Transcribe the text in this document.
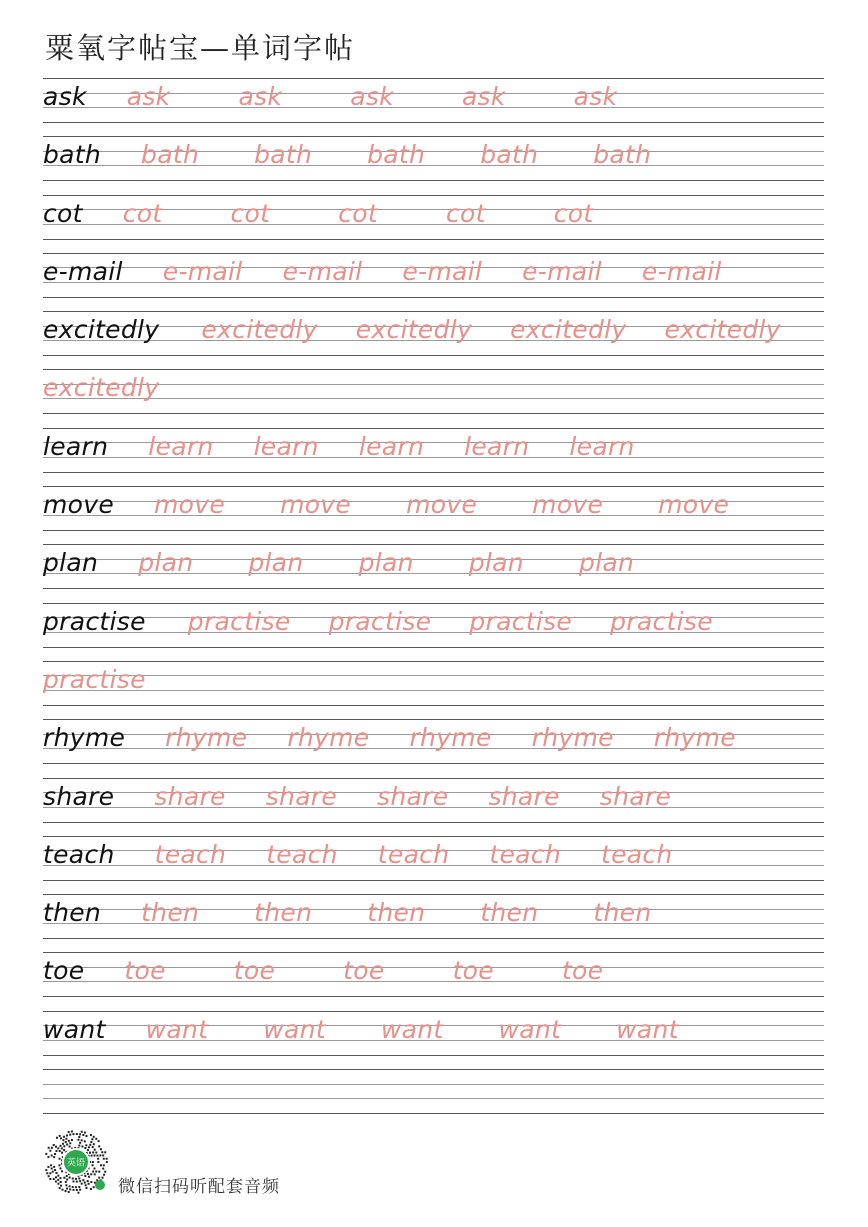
粟氧字帖宝—单词字帖
ask ask	ask	ask	ask	ask
bath bath bath bath bath bath
cot cot	cot	cot	cot	cot
e-mail e-mail e-mail e-mail e-mail e-mail
excitedly excitedly excitedly excitedly excitedly
excitedly
learn learn learn learn learn learn
move move move move move move
plan plan plan plan plan plan
practise practise practise practise practise
practise
rhyme rhyme rhyme rhyme rhyme rhyme
share share share share share share
teach teach teach teach teach teach
then then then then then then
toe toe	toe	toe	toe	toe
want want want want want want
英语
微信扫码听配套音频
